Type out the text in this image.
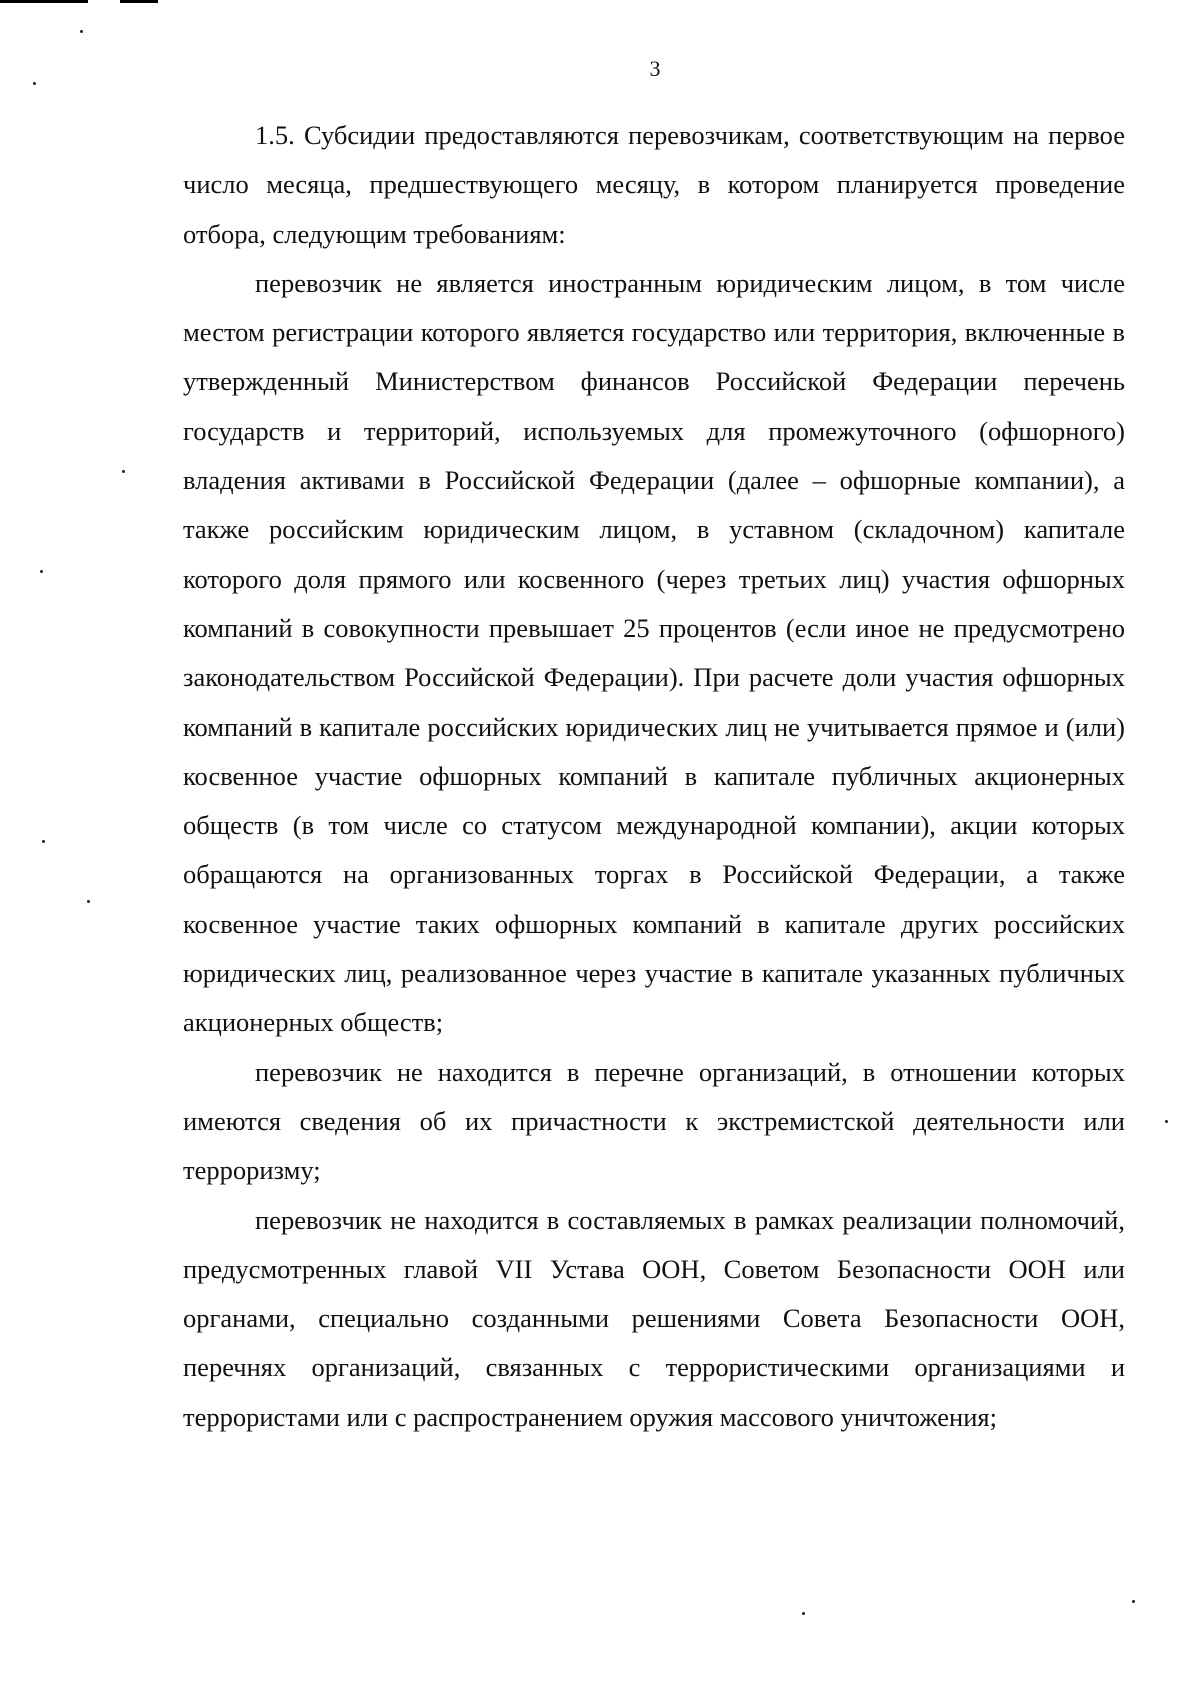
3

1.5. Субсидии предоставляются перевозчикам, соответствующим на первое число месяца, предшествующего месяцу, в котором планируется проведение отбора, следующим требованиям:

перевозчик не является иностранным юридическим лицом, в том числе местом регистрации которого является государство или территория, включенные в утвержденный Министерством финансов Российской Федерации перечень государств и территорий, используемых для промежуточного (офшорного) владения активами в Российской Федерации (далее – офшорные компании), а также российским юридическим лицом, в уставном (складочном) капитале которого доля прямого или косвенного (через третьих лиц) участия офшорных компаний в совокупности превышает 25 процентов (если иное не предусмотрено законодательством Российской Федерации). При расчете доли участия офшорных компаний в капитале российских юридических лиц не учитывается прямое и (или) косвенное участие офшорных компаний в капитале публичных акционерных обществ (в том числе со статусом международной компании), акции которых обращаются на организованных торгах в Российской Федерации, а также косвенное участие таких офшорных компаний в капитале других российских юридических лиц, реализованное через участие в капитале указанных публичных акционерных обществ;

перевозчик не находится в перечне организаций, в отношении которых имеются сведения об их причастности к экстремистской деятельности или терроризму;

перевозчик не находится в составляемых в рамках реализации полномочий, предусмотренных главой VII Устава ООН, Советом Безопасности ООН или органами, специально созданными решениями Совета Безопасности ООН, перечнях организаций, связанных с террористическими организациями и террористами или с распространением оружия массового уничтожения;
